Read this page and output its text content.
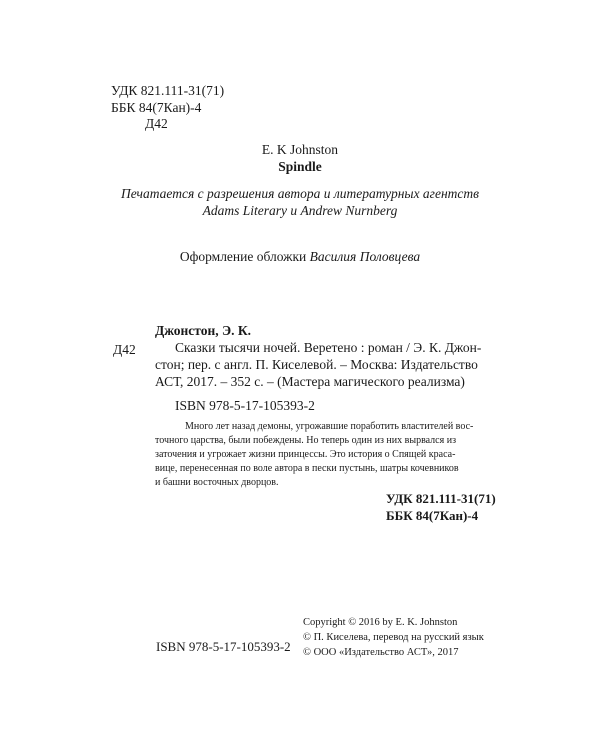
УДК 821.111-31(71)
ББК 84(7Кан)-4
Д42
E. K Johnston
Spindle
Печатается с разрешения автора и литературных агентств
Adams Literary и Andrew Nurnberg
Оформление обложки Василия Половцева
Д42
Джонстон, Э. К.
Сказки тысячи ночей. Веретено : роман / Э. К. Джон-
стон; пер. с англ. П. Киселевой. – Москва: Издательство
АСТ, 2017. – 352 с. – (Мастера магического реализма)
ISBN 978-5-17-105393-2
Много лет назад демоны, угрожавшие поработить властителей вос-
точного царства, были побеждены. Но теперь один из них вырвался из
заточения и угрожает жизни принцессы. Это история о Спящей краса-
вице, перенесенная по воле автора в пески пустынь, шатры кочевников
и башни восточных дворцов.
УДК 821.111-31(71)
ББК 84(7Кан)-4
ISBN 978-5-17-105393-2
Copyright © 2016 by E. K. Johnston
© П. Киселева, перевод на русский язык
© ООО «Издательство АСТ», 2017
